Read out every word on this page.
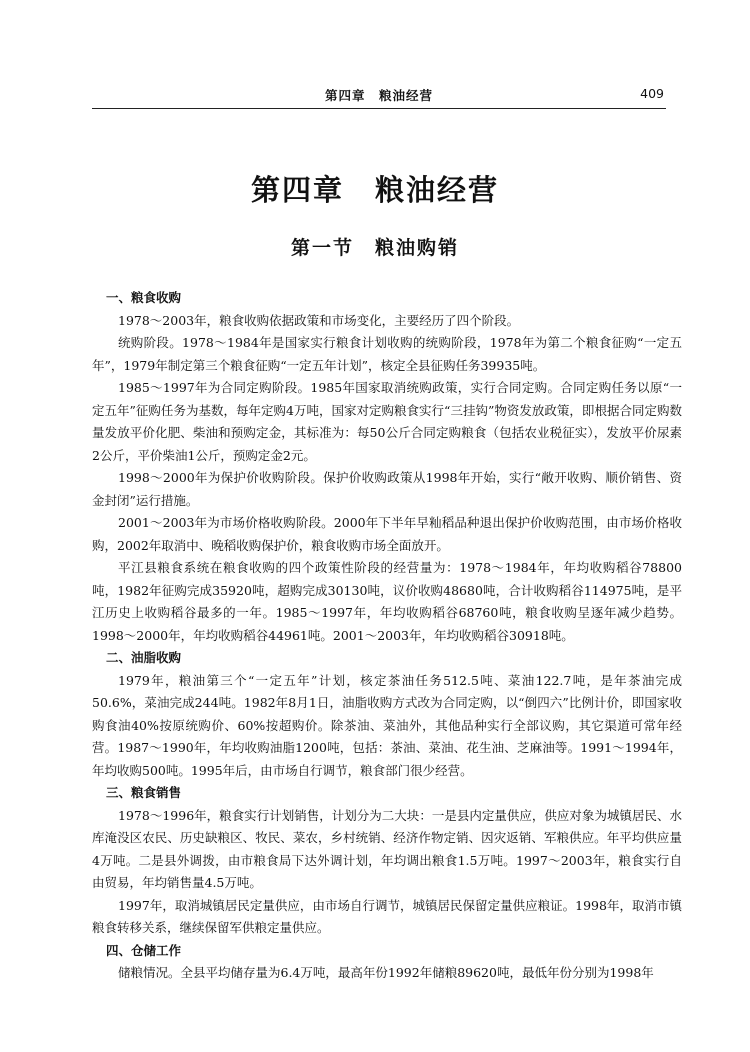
第四章　粮油经营	409
第四章　粮油经营
第一节　粮油购销

一、粮食收购

1978～2003年，粮食收购依据政策和市场变化，主要经历了四个阶段。

统购阶段。1978～1984年是国家实行粮食计划收购的统购阶段，1978年为第二个粮食征购“一定五年”，1979年制定第三个粮食征购“一定五年计划”，核定全县征购任务39935吨。

1985～1997年为合同定购阶段。1985年国家取消统购政策，实行合同定购。合同定购任务以原“一定五年”征购任务为基数，每年定购4万吨，国家对定购粮食实行“三挂钩”物资发放政策，即根据合同定购数量发放平价化肥、柴油和预购定金，其标准为：每50公斤合同定购粮食（包括农业税征实），发放平价尿素2公斤，平价柴油1公斤，预购定金2元。

1998～2000年为保护价收购阶段。保护价收购政策从1998年开始，实行“敞开收购、顺价销售、资金封闭”运行措施。

2001～2003年为市场价格收购阶段。2000年下半年早籼稻品种退出保护价收购范围，由市场价格收购，2002年取消中、晚稻收购保护价，粮食收购市场全面放开。

平江县粮食系统在粮食收购的四个政策性阶段的经营量为：1978～1984年，年均收购稻谷78800吨，1982年征购完成35920吨，超购完成30130吨，议价收购48680吨，合计收购稻谷114975吨，是平江历史上收购稻谷最多的一年。1985～1997年，年均收购稻谷68760吨，粮食收购呈逐年减少趋势。1998～2000年，年均收购稻谷44961吨。2001～2003年，年均收购稻谷30918吨。

二、油脂收购

1979年，粮油第三个“一定五年”计划，核定茶油任务512.5吨、菜油122.7吨，是年茶油完成50.6%，菜油完成244吨。1982年8月1日，油脂收购方式改为合同定购，以“倒四六”比例计价，即国家收购食油40%按原统购价、60%按超购价。除茶油、菜油外，其他品种实行全部议购，其它渠道可常年经营。1987～1990年，年均收购油脂1200吨，包括：茶油、菜油、花生油、芝麻油等。1991～1994年，年均收购500吨。1995年后，由市场自行调节，粮食部门很少经营。

三、粮食销售

1978～1996年，粮食实行计划销售，计划分为二大块：一是县内定量供应，供应对象为城镇居民、水库淹没区农民、历史缺粮区、牧民、菜农，乡村统销、经济作物定销、因灾返销、军粮供应。年平均供应量4万吨。二是县外调拨，由市粮食局下达外调计划，年均调出粮食1.5万吨。1997～2003年，粮食实行自由贸易，年均销售量4.5万吨。

1997年，取消城镇居民定量供应，由市场自行调节，城镇居民保留定量供应粮证。1998年，取消市镇粮食转移关系，继续保留军供粮定量供应。

四、仓储工作

储粮情况。全县平均储存量为6.4万吨，最高年份1992年储粮89620吨，最低年份分别为1998年
